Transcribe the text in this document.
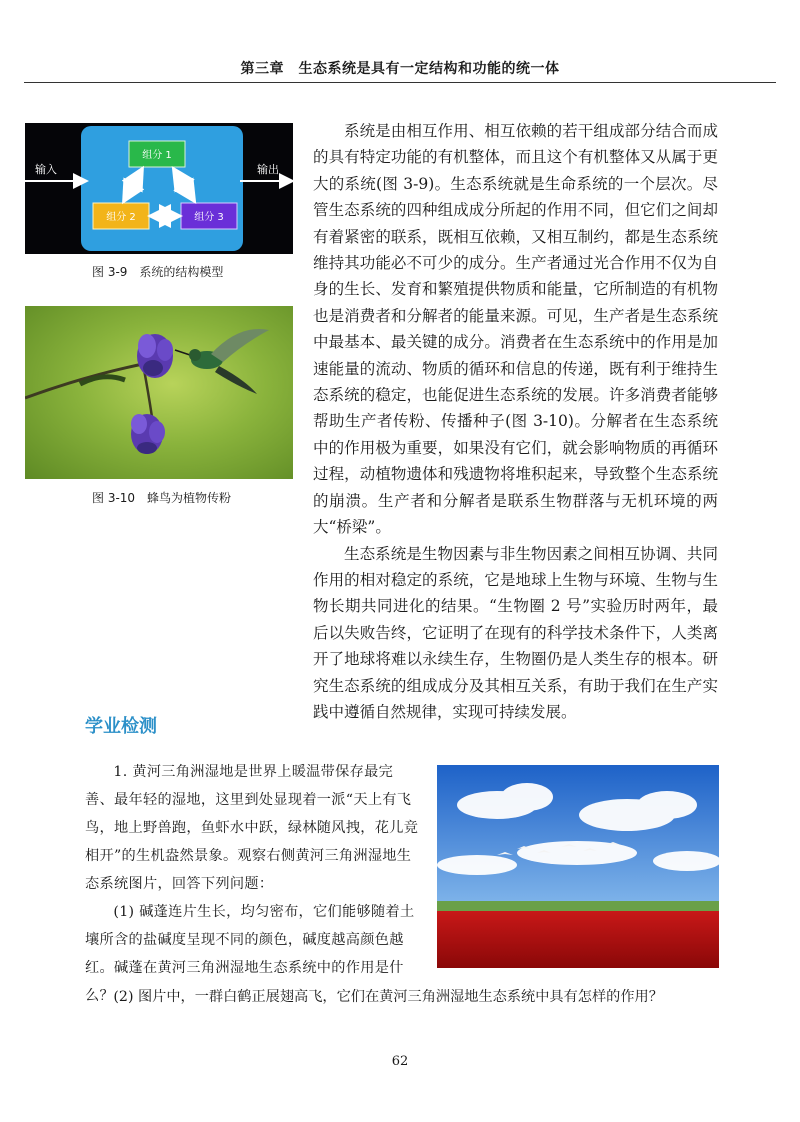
第三章　生态系统是具有一定结构和功能的统一体
输入	输出
组分 1
组分 2	组分 3
图 3-9　系统的结构模型
图 3-10　蜂鸟为植物传粉

系统是由相互作用、相互依赖的若干组成部分结合而成的具有特定功能的有机整体，而且这个有机整体又从属于更大的系统(图 3-9)。生态系统就是生命系统的一个层次。尽管生态系统的四种组成成分所起的作用不同，但它们之间却有着紧密的联系，既相互依赖，又相互制约，都是生态系统维持其功能必不可少的成分。生产者通过光合作用不仅为自身的生长、发育和繁殖提供物质和能量，它所制造的有机物也是消费者和分解者的能量来源。可见，生产者是生态系统中最基本、最关键的成分。消费者在生态系统中的作用是加速能量的流动、物质的循环和信息的传递，既有利于维持生态系统的稳定，也能促进生态系统的发展。许多消费者能够帮助生产者传粉、传播种子(图 3-10)。分解者在生态系统中的作用极为重要，如果没有它们，就会影响物质的再循环过程，动植物遗体和残遗物将堆积起来，导致整个生态系统的崩溃。生产者和分解者是联系生物群落与无机环境的两大“桥梁”。

生态系统是生物因素与非生物因素之间相互协调、共同作用的相对稳定的系统，它是地球上生物与环境、生物与生物长期共同进化的结果。“生物圈 2 号”实验历时两年，最后以失败告终，它证明了在现有的科学技术条件下，人类离开了地球将难以永续生存，生物圈仍是人类生存的根本。研究生态系统的组成成分及其相互关系，有助于我们在生产实践中遵循自然规律，实现可持续发展。

学业检测

1. 黄河三角洲湿地是世界上暖温带保存最完善、最年轻的湿地，这里到处显现着一派“天上有飞鸟，地上野兽跑，鱼虾水中跃，绿林随风拽，花儿竞相开”的生机盎然景象。观察右侧黄河三角洲湿地生态系统图片，回答下列问题：

(1) 碱蓬连片生长，均匀密布，它们能够随着土壤所含的盐碱度呈现不同的颜色，碱度越高颜色越红。碱蓬在黄河三角洲湿地生态系统中的作用是什么？ (2) 图片中，一群白鹤正展翅高飞，它们在黄河三角洲湿地生态系统中具有怎样的作用？
62
